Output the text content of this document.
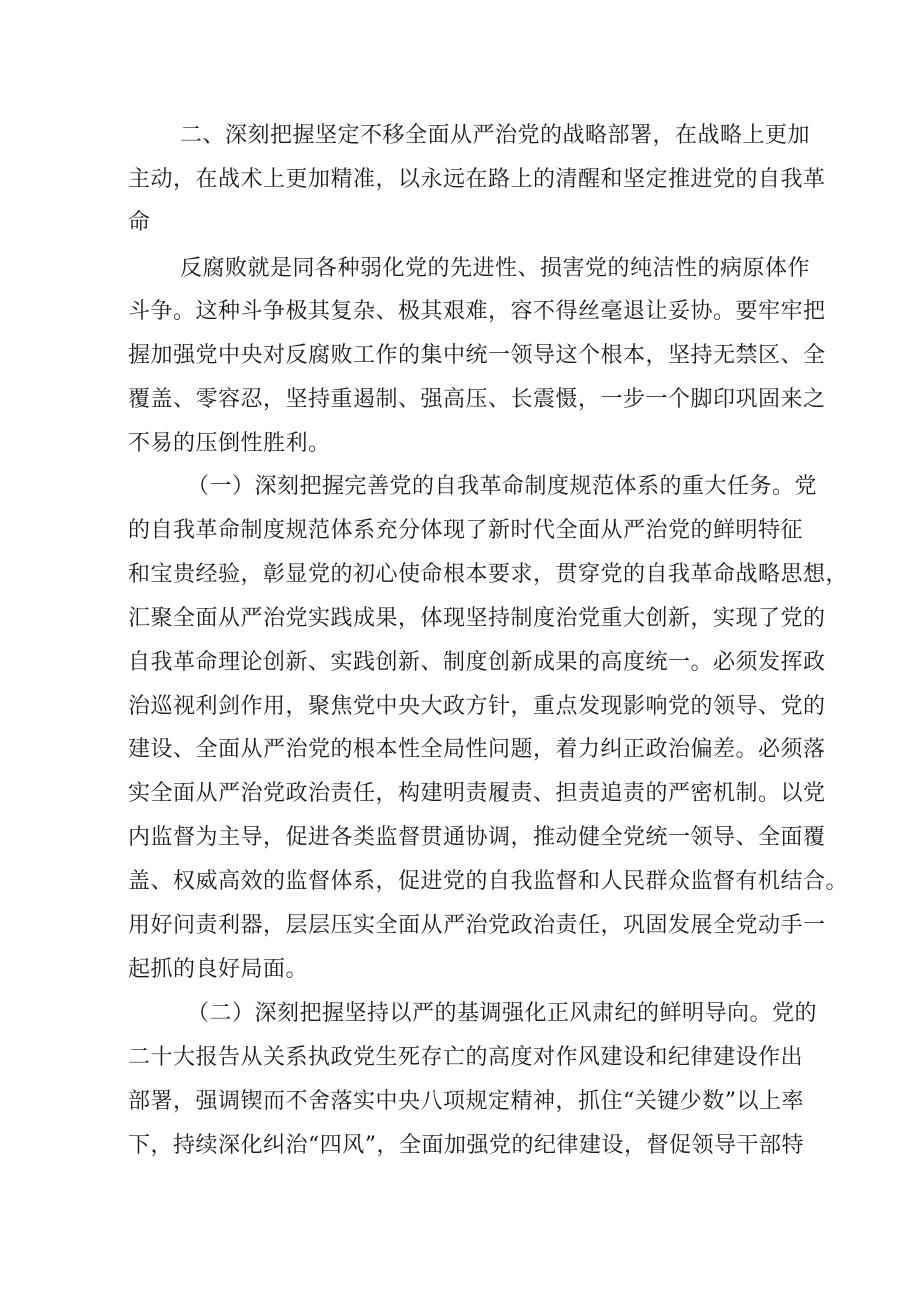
二、深刻把握坚定不移全面从严治党的战略部署，在战略上更加
主动，在战术上更加精准，以永远在路上的清醒和坚定推进党的自我革
命
反腐败就是同各种弱化党的先进性、损害党的纯洁性的病原体作
斗争。这种斗争极其复杂、极其艰难，容不得丝毫退让妥协。要牢牢把
握加强党中央对反腐败工作的集中统一领导这个根本，坚持无禁区、全
覆盖、零容忍，坚持重遏制、强高压、长震慑，一步一个脚印巩固来之
不易的压倒性胜利。
（一）深刻把握完善党的自我革命制度规范体系的重大任务。党
的自我革命制度规范体系充分体现了新时代全面从严治党的鲜明特征
和宝贵经验，彰显党的初心使命根本要求，贯穿党的自我革命战略思想，
汇聚全面从严治党实践成果，体现坚持制度治党重大创新，实现了党的
自我革命理论创新、实践创新、制度创新成果的高度统一。必须发挥政
治巡视利剑作用，聚焦党中央大政方针，重点发现影响党的领导、党的
建设、全面从严治党的根本性全局性问题，着力纠正政治偏差。必须落
实全面从严治党政治责任，构建明责履责、担责追责的严密机制。以党
内监督为主导，促进各类监督贯通协调，推动健全党统一领导、全面覆
盖、权威高效的监督体系，促进党的自我监督和人民群众监督有机结合。
用好问责利器，层层压实全面从严治党政治责任，巩固发展全党动手一
起抓的良好局面。
（二）深刻把握坚持以严的基调强化正风肃纪的鲜明导向。党的
二十大报告从关系执政党生死存亡的高度对作风建设和纪律建设作出
部署，强调锲而不舍落实中央八项规定精神，抓住“关键少数”以上率
下，持续深化纠治“四风”，全面加强党的纪律建设，督促领导干部特
